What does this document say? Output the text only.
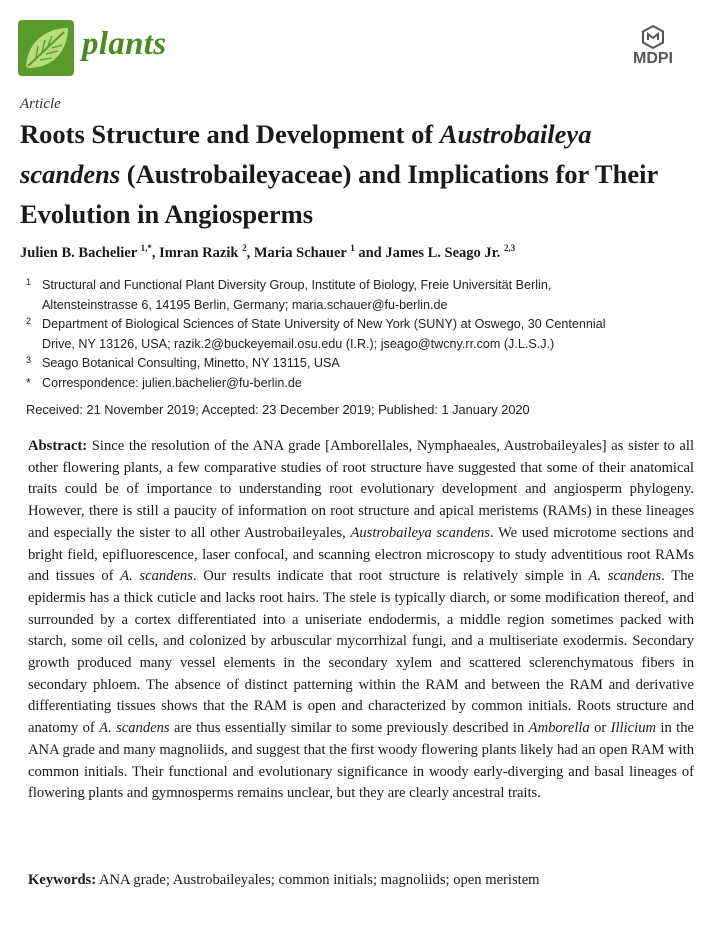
plants	MDPI
Article
Roots Structure and Development of Austrobaileya
scandens (Austrobaileyaceae) and Implications for Their Evolution in Angiosperms
Julien B. Bachelier $^{1,*}$, Imran Razik $^2$, Maria Schauer $^1$ and James L. Seago Jr. $^{2,3}$
1 Structural and Functional Plant Diversity Group, Institute of Biology, Freie Universität Berlin,
Altensteinstrasse 6, 14195 Berlin, Germany; maria.schauer@fu-berlin.de
2 Department of Biological Sciences of State University of New York (SUNY) at Oswego, 30 Centennial
Drive, NY 13126, USA; razik.2@buckeyemail.osu.edu (I.R.); jseago@twcny.rr.com (J.L.S.J.)
3 Seago Botanical Consulting, Minetto, NY 13115, USA
* Correspondence: julien.bachelier@fu-berlin.de
Received: 21 November 2019; Accepted: 23 December 2019; Published: 1 January 2020

Abstract: Since the resolution of the ANA grade [Amborellales, Nymphaeales, Austrobaileyales] as sister to all other flowering plants, a few comparative studies of root structure have suggested that some of their anatomical traits could be of importance to understanding root evolutionary development and angiosperm phylogeny. However, there is still a paucity of information on root structure and apical meristems (RAMs) in these lineages and especially the sister to all other Austrobaileyales, Austrobaileya scandens. We used microtome sections and bright field, epifluorescence, laser confocal, and scanning electron microscopy to study adventitious root RAMs and tissues of A. scandens. Our results indicate that root structure is relatively simple in A. scandens. The epidermis has a thick cuticle and lacks root hairs. The stele is typically diarch, or some modification thereof, and surrounded by a cortex differentiated into a uniseriate endodermis, a middle region sometimes packed with starch, some oil cells, and colonized by arbuscular mycorrhizal fungi, and a multiseriate exodermis. Secondary growth produced many vessel elements in the secondary xylem and scattered sclerenchymatous fibers in secondary phloem. The absence of distinct patterning within the RAM and between the RAM and derivative differentiating tissues shows that the RAM is open and characterized by common initials. Roots structure and anatomy of A. scandens are thus essentially similar to some previously described in Amborella or Illicium in the ANA grade and many magnoliids, and suggest that the first woody flowering plants likely had an open RAM with common initials. Their functional and evolutionary significance in woody early-diverging and basal lineages of flowering plants and gymnosperms remains unclear, but they are clearly ancestral traits.

Keywords: ANA grade; Austrobaileyales; common initials; magnoliids; open meristem
